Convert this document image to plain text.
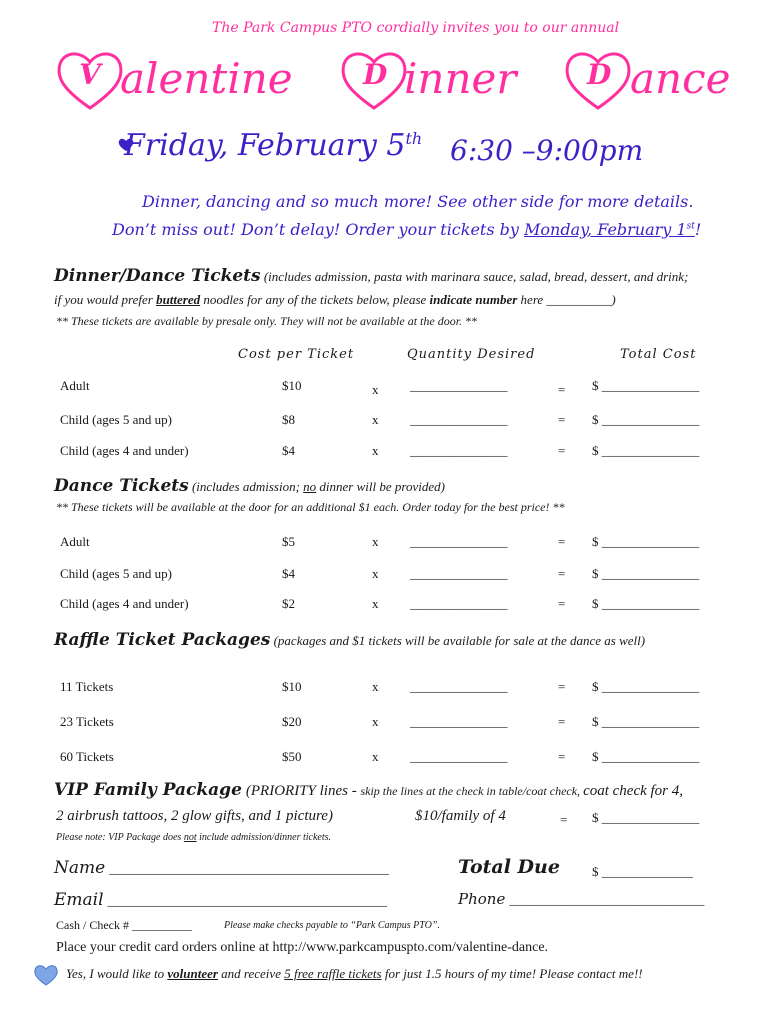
The Park Campus PTO cordially invites you to our annual
V alentine	D inner	D ance
Friday, February 5th 6:30 –9:00pm
Dinner, dancing and so much more! See other side for more details.
Don’t miss out! Don’t delay! Order your tickets by Monday, February 1st!
Dinner/Dance Tickets (includes admission, pasta with marinara sauce, salad, bread, dessert, and drink;
if you would prefer buttered noodles for any of the tickets below, please indicate number here __________)
** These tickets are available by presale only. They will not be available at the door. **
Cost per Ticket	Quantity Desired	Total Cost
Adult	$10	x _______________	= $ _______________
Child (ages 5 and up)	$8	x _______________	= $ _______________
Child (ages 4 and under)	$4	x _______________	= $ _______________
Dance Tickets (includes admission; no dinner will be provided)
** These tickets will be available at the door for an additional $1 each. Order today for the best price! **
Adult	$5	x _______________	= $ _______________
Child (ages 5 and up)	$4	x _______________	= $ _______________
Child (ages 4 and under)	$2	x _______________	= $ _______________
Raffle Ticket Packages (packages and $1 tickets will be available for sale at the dance as well)
11 Tickets	$10	x _______________	= $ _______________
23 Tickets	$20	x _______________	= $ _______________
60 Tickets	$50	x _______________	= $ _______________
VIP Family Package (PRIORITY lines - skip the lines at the check in table/coat check, coat check for 4,
2 airbrush tattoos, 2 glow gifts, and 1 picture)	$10/family of 4	= $ _______________
Please note: VIP Package does not include admission/dinner tickets.
Name ___________________________________________	Total Due $ ______________
Email ___________________________________________	Phone ______________________________
Cash / Check # __________	Please make checks payable to “Park Campus PTO”.
Place your credit card orders online at http://www.parkcampuspto.com/valentine-dance.
Yes, I would like to volunteer and receive 5 free raffle tickets for just 1.5 hours of my time! Please contact me!!
